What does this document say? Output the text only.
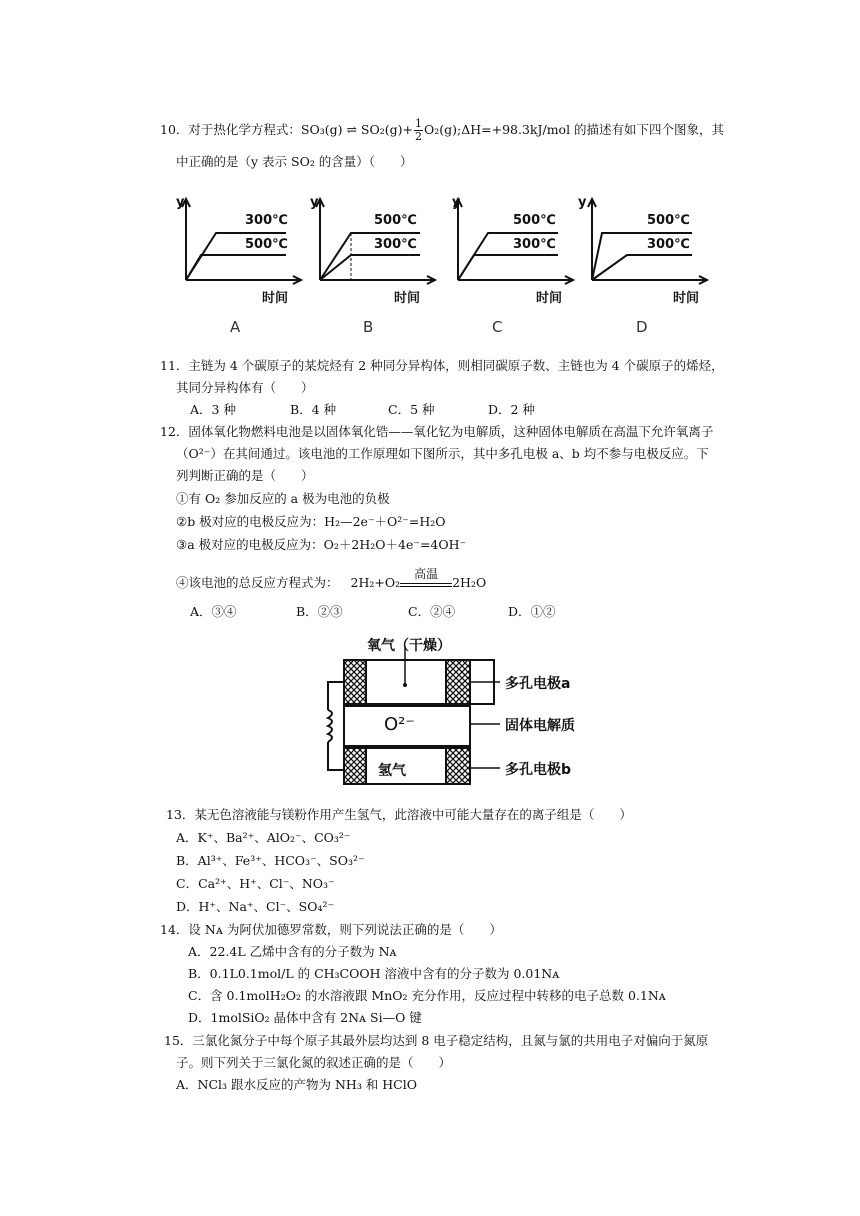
10．对于热化学方程式：SO₃(g) ⇌ $SO_2(g)+ \frac{1}{2}$ O₂(g);ΔH=+98.3kJ/mol 的描述有如下四个图象，其
中正确的是（y 表示 SO₂ 的含量）（　　）
y
300℃
500℃
时间
y
500℃
300℃
时间
y
500℃
300℃
时间
y
500℃
300℃
时间
A	B	C	D
11．主链为 4 个碳原子的某烷烃有 2 种同分异构体，则相同碳原子数、主链也为 4 个碳原子的烯烃，
其同分异构体有（　　）
A．3 种	B．4 种	C．5 种	D．2 种
12．固体氧化物燃料电池是以固体氧化锆——氧化钇为电解质，这种固体电解质在高温下允许氧离子
（O²⁻）在其间通过。该电池的工作原理如下图所示，其中多孔电极 a、b 均不参与电极反应。下
列判断正确的是（　　）
①有 O₂ 参加反应的 a 极为电池的负极
②b 极对应的电极反应为：H₂—2e⁻＋O²⁻=H₂O
③a 极对应的电极反应为：O₂＋2H₂O＋4e⁻=4OH⁻
④该电池的总反应方程式为： 2H₂+O₂
高温
2H₂O
A．③④	B．②③	C．②④	D．①②
氧气（干燥）
O²⁻
氢气
多孔电极a
固体电解质
多孔电极b
13．某无色溶液能与镁粉作用产生氢气，此溶液中可能大量存在的离子组是（　　）
A．K⁺、Ba²⁺、AlO₂⁻、CO₃²⁻
B．Al³⁺、Fe³⁺、HCO₃⁻、SO₃²⁻
C．Ca²⁺、H⁺、Cl⁻、NO₃⁻
D．H⁺、Na⁺、Cl⁻、SO₄²⁻
14．设 Nᴀ 为阿伏加德罗常数，则下列说法正确的是（　　）
A．22.4L 乙烯中含有的分子数为 Nᴀ
B．0.1L0.1mol/L 的 CH₃COOH 溶液中含有的分子数为 0.01Nᴀ
C．含 0.1molH₂O₂ 的水溶液跟 MnO₂ 充分作用，反应过程中转移的电子总数 0.1Nᴀ
D．1molSiO₂ 晶体中含有 2Nᴀ Si—O 键
15．三氯化氮分子中每个原子其最外层均达到 8 电子稳定结构，且氮与氯的共用电子对偏向于氮原
子。则下列关于三氯化氮的叙述正确的是（　　）
A．NCl₃ 跟水反应的产物为 NH₃ 和 HClO
